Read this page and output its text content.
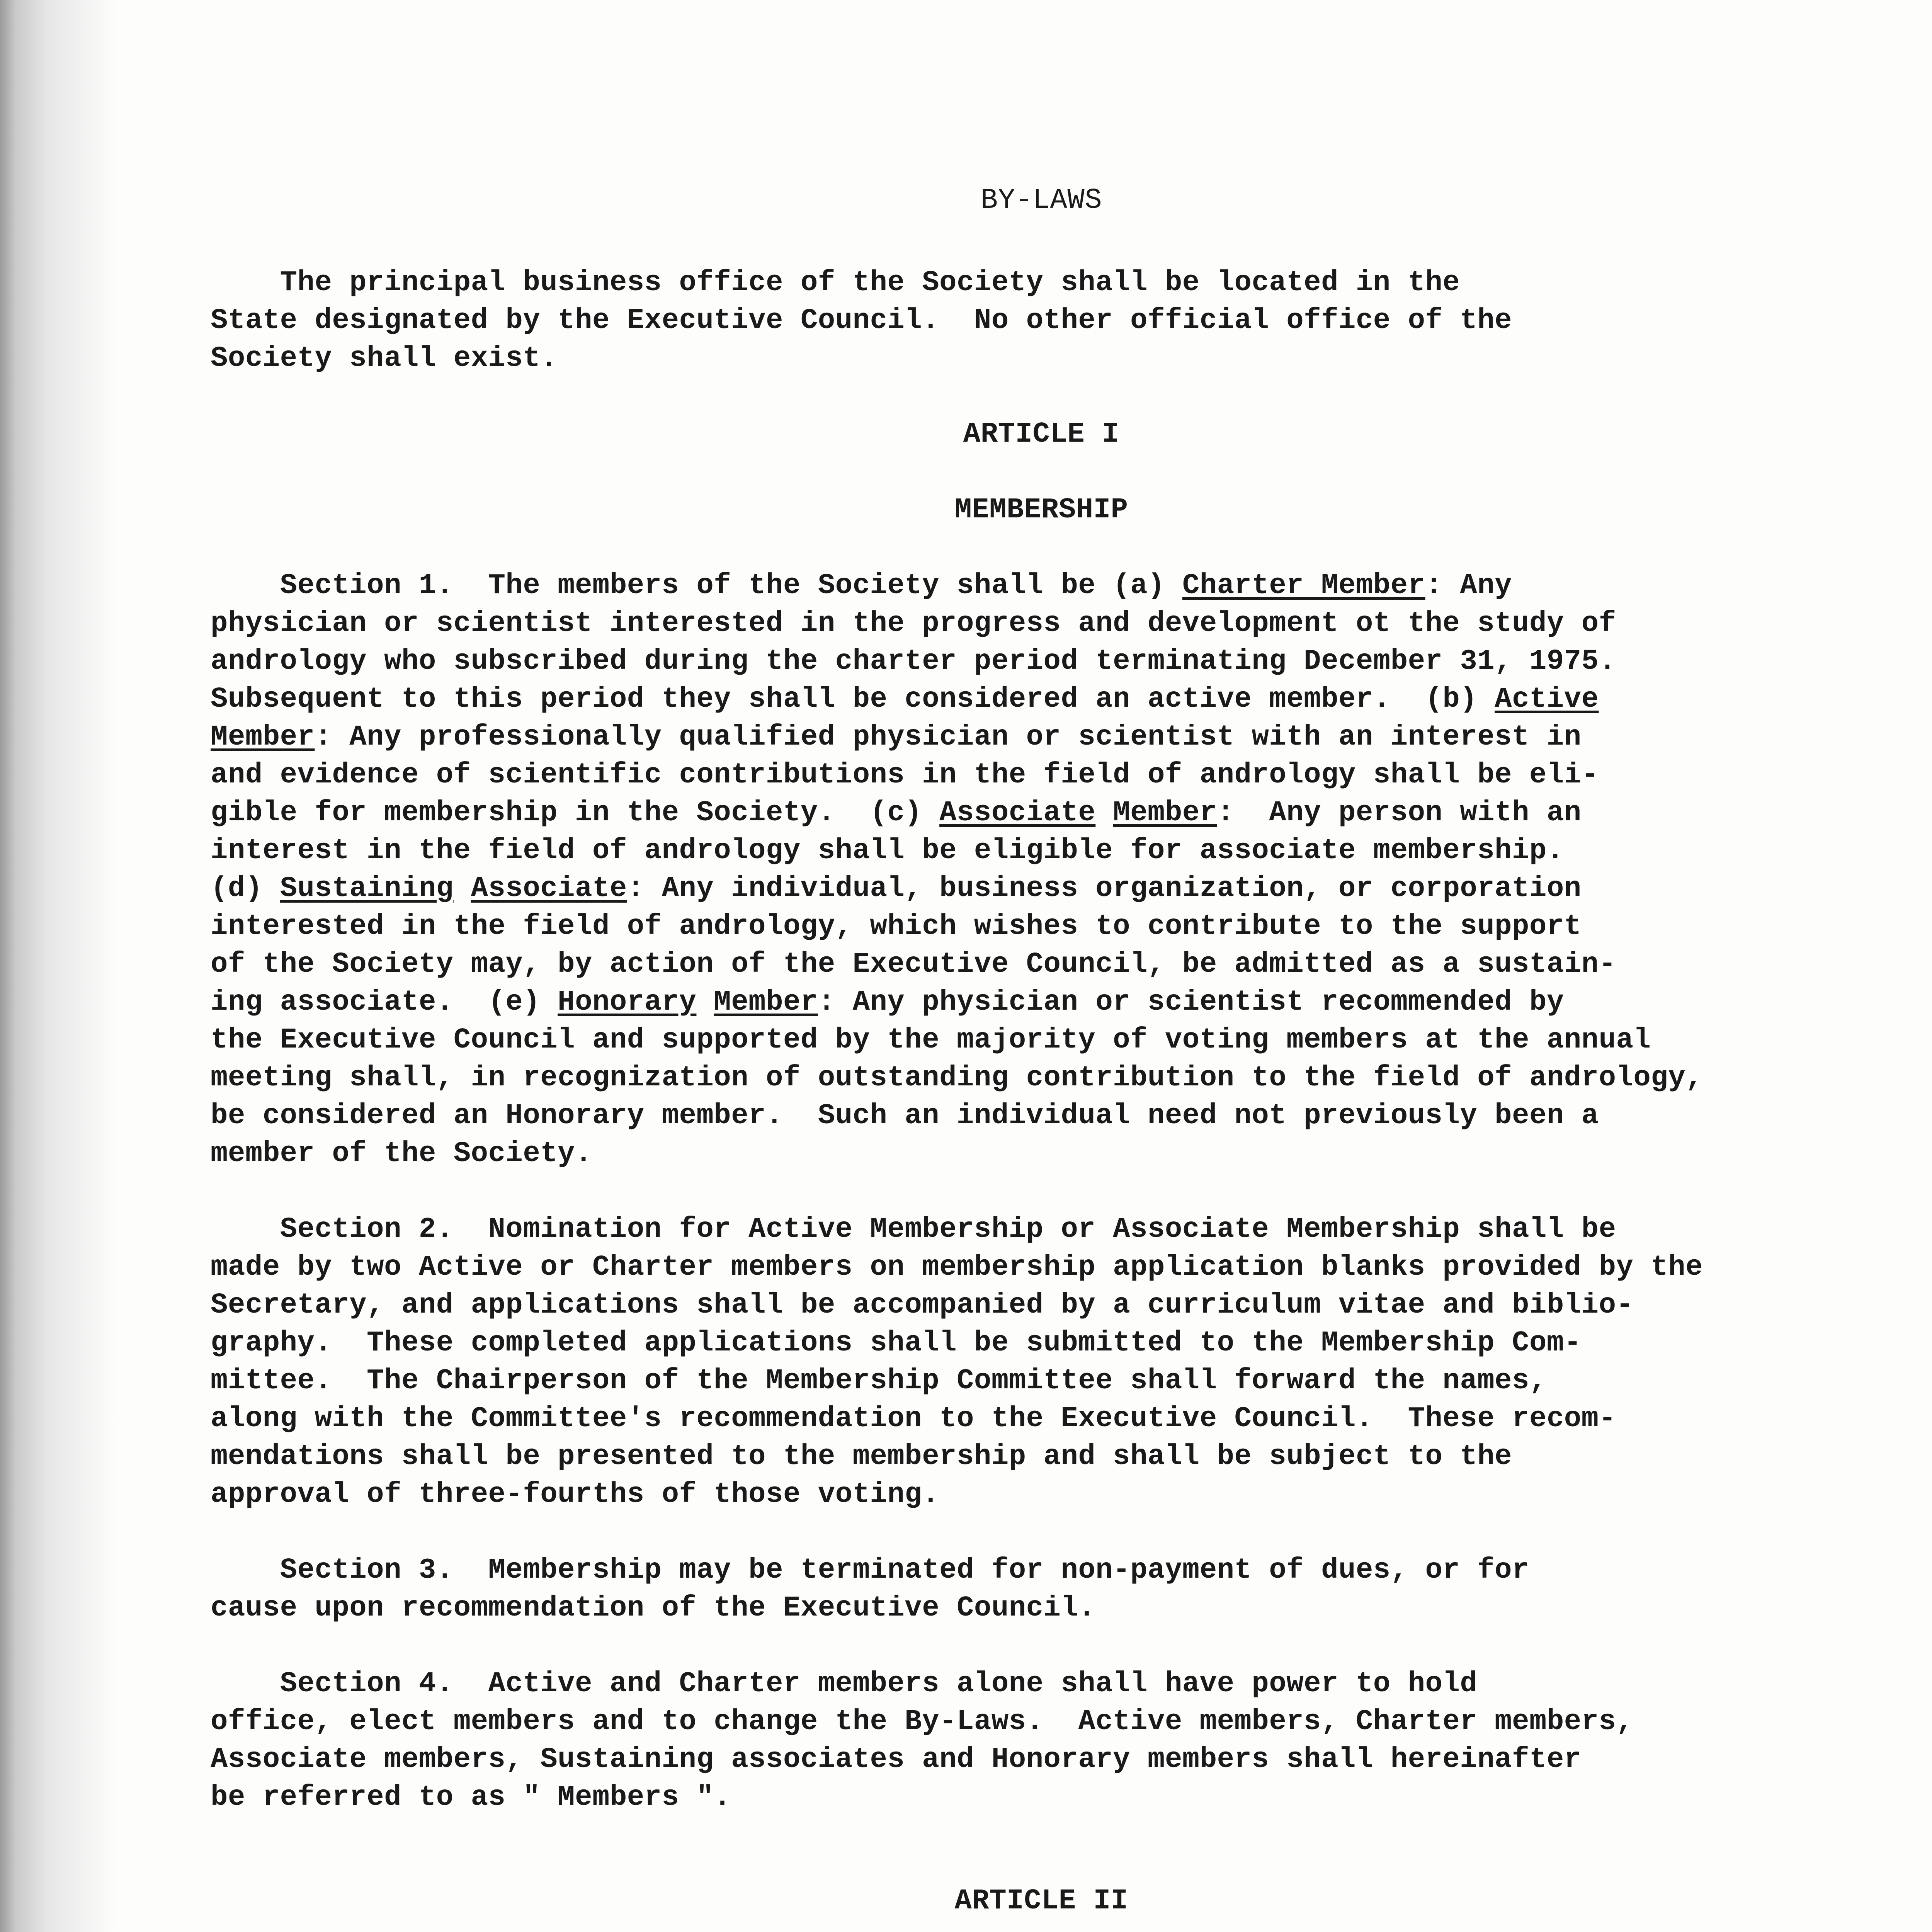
BY-LAWS
The principal business office of the Society shall be located in the
State designated by the Executive Council.  No other official office of the
Society shall exist.
ARTICLE I
MEMBERSHIP
Section 1.  The members of the Society shall be (a) Charter Member: Any
physician or scientist interested in the progress and development ot the study of
andrology who subscribed during the charter period terminating December 31, 1975.
Subsequent to this period they shall be considered an active member.  (b) Active
Member: Any professionally qualified physician or scientist with an interest in
and evidence of scientific contributions in the field of andrology shall be eli-
gible for membership in the Society.  (c) Associate Member:  Any person with an
interest in the field of andrology shall be eligible for associate membership.
(d) Sustaining Associate: Any individual, business organization, or corporation
interested in the field of andrology, which wishes to contribute to the support
of the Society may, by action of the Executive Council, be admitted as a sustain-
ing associate.  (e) Honorary Member: Any physician or scientist recommended by
the Executive Council and supported by the majority of voting members at the annual
meeting shall, in recognization of outstanding contribution to the field of andrology,
be considered an Honorary member.  Such an individual need not previously been a
member of the Society.
Section 2.  Nomination for Active Membership or Associate Membership shall be
made by two Active or Charter members on membership application blanks provided by the
Secretary, and applications shall be accompanied by a curriculum vitae and biblio-
graphy.  These completed applications shall be submitted to the Membership Com-
mittee.  The Chairperson of the Membership Committee shall forward the names,
along with the Committee's recommendation to the Executive Council.  These recom-
mendations shall be presented to the membership and shall be subject to the
approval of three-fourths of those voting.
Section 3.  Membership may be terminated for non-payment of dues, or for
cause upon recommendation of the Executive Council.
Section 4.  Active and Charter members alone shall have power to hold
office, elect members and to change the By-Laws.  Active members, Charter members,
Associate members, Sustaining associates and Honorary members shall hereinafter
be referred to as " Members ".
ARTICLE II
